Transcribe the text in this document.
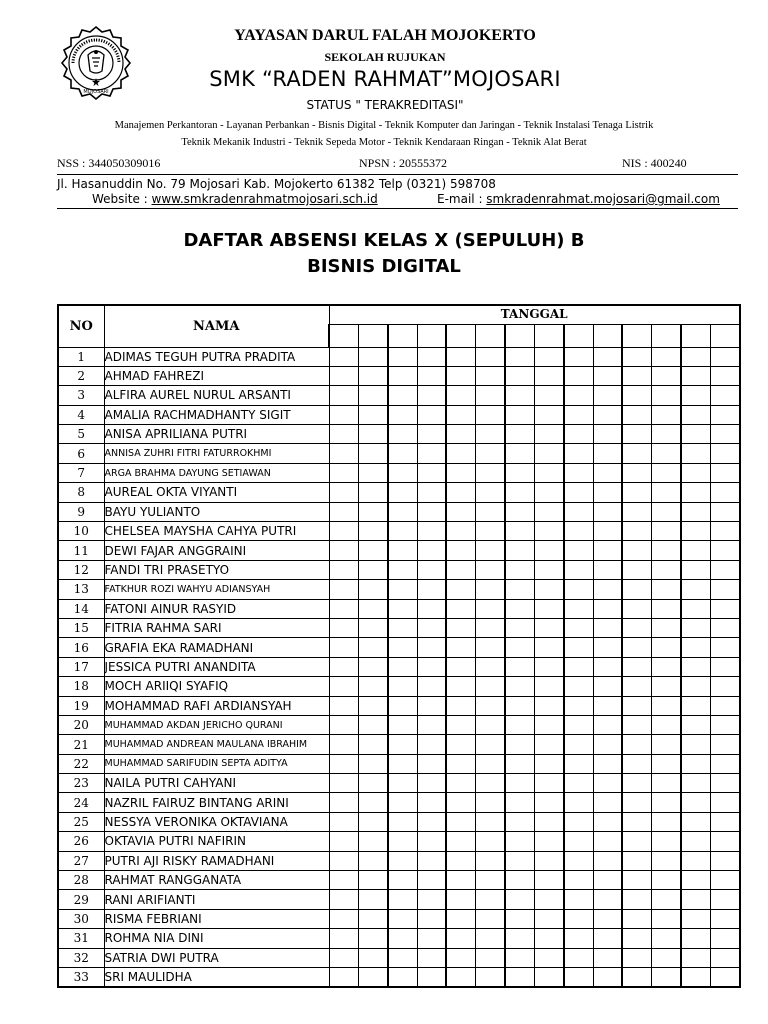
MOJOSARI
YAYASAN DARUL FALAH MOJOKERTO
SEKOLAH RUJUKAN
SMK “RADEN RAHMAT”MOJOSARI
STATUS " TERAKREDITASI"
Manajemen Perkantoran - Layanan Perbankan - Bisnis Digital - Teknik Komputer dan Jaringan - Teknik Instalasi Tenaga Listrik
Teknik Mekanik Industri - Teknik Sepeda Motor - Teknik Kendaraan Ringan - Teknik Alat Berat
NSS : 344050309016	NPSN : 20555372	NIS : 400240
Jl. Hasanuddin No. 79 Mojosari Kab. Mojokerto 61382 Telp (0321) 598708
Website : www.smkradenrahmatmojosari.sch.id	E-mail : smkradenrahmat.mojosari@gmail.com
DAFTAR ABSENSI KELAS X (SEPULUH) B
BISNIS DIGITAL
NO	NAMA	TANGGAL													

1	ADIMAS TEGUH PUTRA PRADITA														
2	AHMAD FAHREZI														
3	ALFIRA AUREL NURUL ARSANTI														
4	AMALIA RACHMADHANTY SIGIT														
5	ANISA APRILIANA PUTRI														
6	ANNISA ZUHRI FITRI FATURROKHMI														
7	ARGA BRAHMA DAYUNG SETIAWAN														
8	AUREAL OKTA VIYANTI														
9	BAYU YULIANTO														
10	CHELSEA MAYSHA CAHYA PUTRI														
11	DEWI FAJAR ANGGRAINI														
12	FANDI TRI PRASETYO														
13	FATKHUR ROZI WAHYU ADIANSYAH														
14	FATONI AINUR RASYID														
15	FITRIA RAHMA SARI														
16	GRAFIA EKA RAMADHANI														
17	JESSICA PUTRI ANANDITA														
18	MOCH ARIIQI SYAFIQ														
19	MOHAMMAD RAFI ARDIANSYAH														
20	MUHAMMAD AKDAN JERICHO QURANI														
21	MUHAMMAD ANDREAN MAULANA IBRAHIM														
22	MUHAMMAD SARIFUDIN SEPTA ADITYA														
23	NAILA PUTRI CAHYANI														
24	NAZRIL FAIRUZ BINTANG ARINI														
25	NESSYA VERONIKA OKTAVIANA														
26	OKTAVIA PUTRI NAFIRIN														
27	PUTRI AJI RISKY RAMADHANI														
28	RAHMAT RANGGANATA														
29	RANI ARIFIANTI														
30	RISMA FEBRIANI														
31	ROHMA NIA DINI														
32	SATRIA DWI PUTRA														
33	SRI MAULIDHA														
